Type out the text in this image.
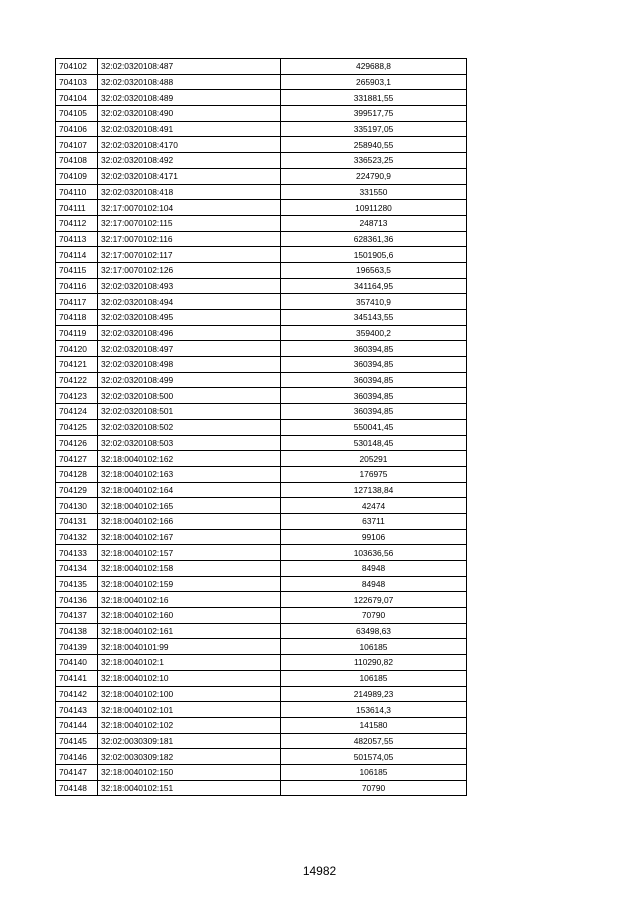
704102	32:02:0320108:487	429688,8
704103	32:02:0320108:488	265903,1
704104	32:02:0320108:489	331881,55
704105	32:02:0320108:490	399517,75
704106	32:02:0320108:491	335197,05
704107	32:02:0320108:4170	258940,55
704108	32:02:0320108:492	336523,25
704109	32:02:0320108:4171	224790,9
704110	32:02:0320108:418	331550
704111	32:17:0070102:104	10911280
704112	32:17:0070102:115	248713
704113	32:17:0070102:116	628361,36
704114	32:17:0070102:117	1501905,6
704115	32:17:0070102:126	196563,5
704116	32:02:0320108:493	341164,95
704117	32:02:0320108:494	357410,9
704118	32:02:0320108:495	345143,55
704119	32:02:0320108:496	359400,2
704120	32:02:0320108:497	360394,85
704121	32:02:0320108:498	360394,85
704122	32:02:0320108:499	360394,85
704123	32:02:0320108:500	360394,85
704124	32:02:0320108:501	360394,85
704125	32:02:0320108:502	550041,45
704126	32:02:0320108:503	530148,45
704127	32:18:0040102:162	205291
704128	32:18:0040102:163	176975
704129	32:18:0040102:164	127138,84
704130	32:18:0040102:165	42474
704131	32:18:0040102:166	63711
704132	32:18:0040102:167	99106
704133	32:18:0040102:157	103636,56
704134	32:18:0040102:158	84948
704135	32:18:0040102:159	84948
704136	32:18:0040102:16	122679,07
704137	32:18:0040102:160	70790
704138	32:18:0040102:161	63498,63
704139	32:18:0040101:99	106185
704140	32:18:0040102:1	110290,82
704141	32:18:0040102:10	106185
704142	32:18:0040102:100	214989,23
704143	32:18:0040102:101	153614,3
704144	32:18:0040102:102	141580
704145	32:02:0030309:181	482057,55
704146	32:02:0030309:182	501574,05
704147	32:18:0040102:150	106185
704148	32:18:0040102:151	70790
14982
